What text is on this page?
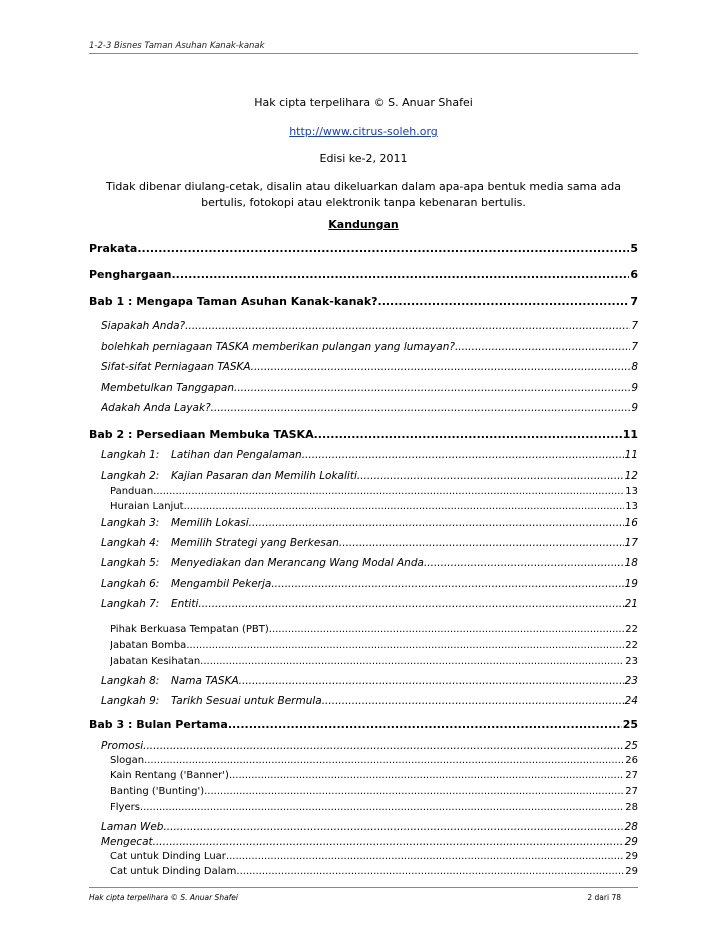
1-2-3 Bisnes Taman Asuhan Kanak-kanak
Hak cipta terpelihara © S. Anuar Shafei
http://www.citrus-soleh.org
Edisi ke-2, 2011
Tidak dibenar diulang-cetak, disalin atau dikeluarkan dalam apa-apa bentuk media sama ada bertulis, fotokopi atau elektronik tanpa kebenaran bertulis.
Kandungan
Prakata .....	5
Penghargaan .....	6
Bab 1 : Mengapa Taman Asuhan Kanak-kanak? .....	7
Siapakah Anda? .....	7
bolehkah perniagaan TASKA memberikan pulangan yang lumayan? .....	7
Sifat-sifat Perniagaan TASKA .....	8
Membetulkan Tanggapan .....	9
Adakah Anda Layak? .....	9
Bab 2 : Persediaan Membuka TASKA .....	11
Langkah 1: Latihan dan Pengalaman .....	11
Langkah 2: Kajian Pasaran dan Memilih Lokaliti .....	12
Panduan .....	13
Huraian Lanjut .....	13
Langkah 3: Memilih Lokasi .....	16
Langkah 4: Memilih Strategi yang Berkesan .....	17
Langkah 5: Menyediakan dan Merancang Wang Modal Anda .....	18
Langkah 6: Mengambil Pekerja .....	19
Langkah 7: Entiti .....	21
Pihak Berkuasa Tempatan (PBT) .....	22
Jabatan Bomba .....	22
Jabatan Kesihatan .....	23
Langkah 8: Nama TASKA .....	23
Langkah 9: Tarikh Sesuai untuk Bermula .....	24
Bab 3 : Bulan Pertama .....	25
Promosi .....	25
Slogan .....	26
Kain Rentang ('Banner') .....	27
Banting ('Bunting') .....	27
Flyers .....	28
Laman Web .....	28
Mengecat .....	29
Cat untuk Dinding Luar .....	29
Cat untuk Dinding Dalam .....	29
Hak cipta terpelihara © S. Anuar Shafei	2 dari 78
